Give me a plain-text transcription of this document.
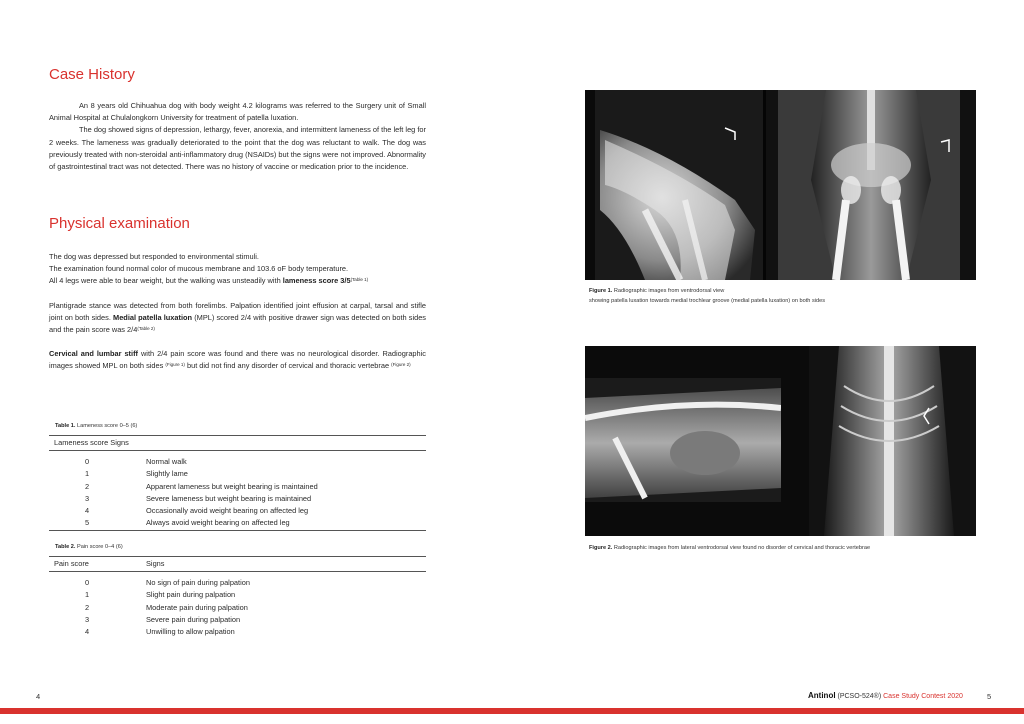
Case History

An 8 years old Chihuahua dog with body weight 4.2 kilograms was referred to the Surgery unit of Small Animal Hospital at Chulalongkorn University for treatment of patella luxation.

The dog showed signs of depression, lethargy, fever, anorexia, and intermittent lameness of the left leg for 2 weeks. The lameness was gradually deteriorated to the point that the dog was reluctant to walk. The dog was previously treated with non-steroidal anti-inflammatory drug (NSAIDs) but the signs were not improved. Abnormality of gastrointestinal tract was not detected. There was no history of vaccine or medication prior to the incidence.

Physical examination

The dog was depressed but responded to environmental stimuli.

The examination found normal color of mucous membrane and 103.6 oF body temperature.

All 4 legs were able to bear weight, but the walking was unsteadily with lameness score $3/5^{(Table 1)}$

Plantigrade stance was detected from both forelimbs. Palpation identified joint effusion at carpal, tarsal and stifle joint on both sides. Medial patella luxation (MPL) scored 2/4 with positive drawer sign was detected on both sides and the pain score was $2/4^{(Table 2)}$

Cervical and lumbar stiff with 2/4 pain score was found and there was no neurological disorder. Radiographic images showed MPL on both sides $^{(Figure 1)}$ but did not find any disorder of cervical and thoracic vertebrae $^{(Figure 2)}$

Table 1. Lameness score 0–5 (6)
Lameness score Signs
0	Normal walk
1	Slightly lame
2	Apparent lameness but weight bearing is maintained
3	Severe lameness but weight bearing is maintained
4	Occasionally avoid weight bearing on affected leg
5	Always avoid weight bearing on affected leg
Table 2. Pain score 0–4 (6)
Pain score	Signs
0	No sign of pain during palpation
1	Slight pain during palpation
2	Moderate pain during palpation
3	Severe pain during palpation
4	Unwilling to allow palpation
4
Figure 1. Radiographic images from ventrodorsal view
showing patella luxation towards medial trochlear groove (medial patella luxation) on both sides
Figure 2. Radiographic images from lateral ventrodorsal view found no disorder of cervical and thoracic vertebrae
Antinol (PCSO-524®) Case Study Contest 2020	5
